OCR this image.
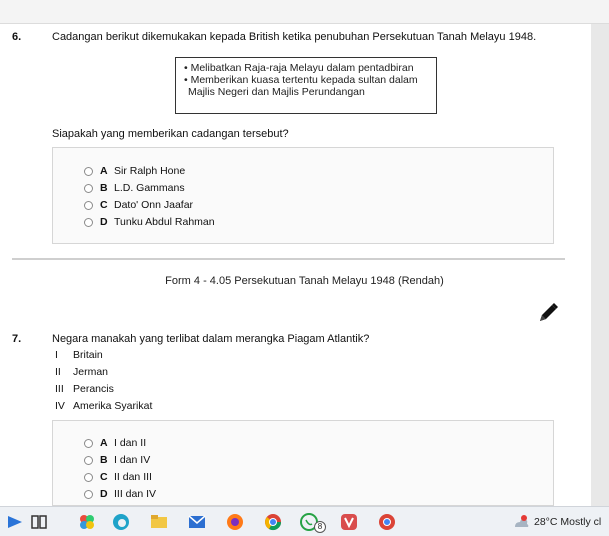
6.	Cadangan berikut dikemukakan kepada British ketika penubuhan Persekutuan Tanah Melayu 1948.
• Melibatkan Raja-raja Melayu dalam pentadbiran
• Memberikan kuasa tertentu kepada sultan dalam
Majlis Negeri dan Majlis Perundangan
Siapakah yang memberikan cadangan tersebut?
A Sir Ralph Hone
B L.D. Gammans
C Dato' Onn Jaafar
D Tunku Abdul Rahman
Form 4 - 4.05 Persekutuan Tanah Melayu 1948 (Rendah)
7.	Negara manakah yang terlibat dalam merangka Piagam Atlantik?
I	Britain
II	Jerman
III Perancis
IV Amerika Syarikat
A I dan II
B I dan IV
C II dan III
D III dan IV
8	28°C Mostly cl
